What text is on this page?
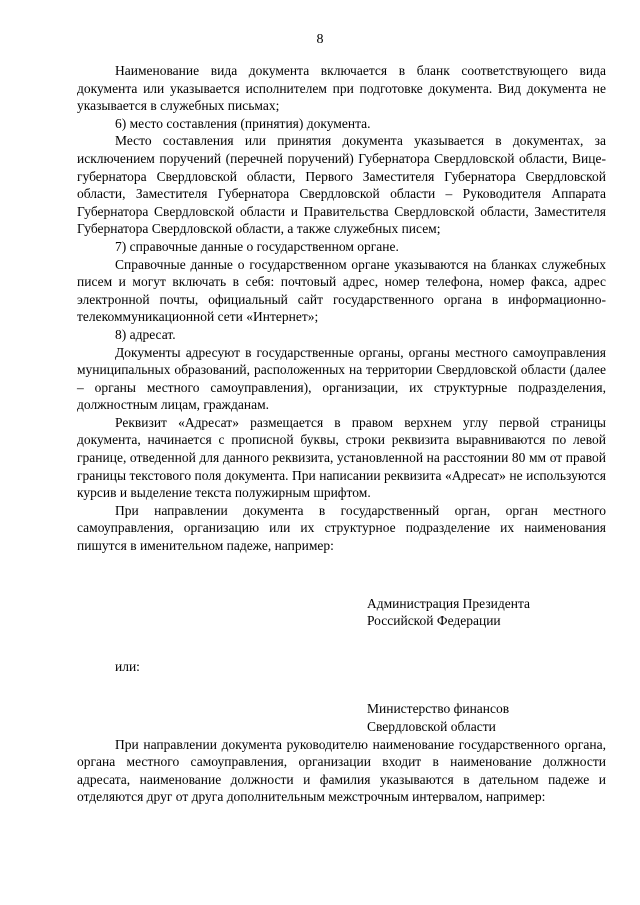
8

Наименование вида документа включается в бланк соответствующего вида документа или указывается исполнителем при подготовке документа. Вид документа не указывается в служебных письмах;

6) место составления (принятия) документа.

Место составления или принятия документа указывается в документах, за исключением поручений (перечней поручений) Губернатора Свердловской области, Вице-губернатора Свердловской области, Первого Заместителя Губернатора Свердловской области, Заместителя Губернатора Свердловской области – Руководителя Аппарата Губернатора Свердловской области и Правительства Свердловской области, Заместителя Губернатора Свердловской области, а также служебных писем;

7) справочные данные о государственном органе.

Справочные данные о государственном органе указываются на бланках служебных писем и могут включать в себя: почтовый адрес, номер телефона, номер факса, адрес электронной почты, официальный сайт государственного органа в информационно-телекоммуникационной сети «Интернет»;

8) адресат.

Документы адресуют в государственные органы, органы местного самоуправления муниципальных образований, расположенных на территории Свердловской области (далее – органы местного самоуправления), организации, их структурные подразделения, должностным лицам, гражданам.

Реквизит «Адресат» размещается в правом верхнем углу первой страницы документа, начинается с прописной буквы, строки реквизита выравниваются по левой границе, отведенной для данного реквизита, установленной на расстоянии 80 мм от правой границы текстового поля документа. При написании реквизита «Адресат» не используются курсив и выделение текста полужирным шрифтом.

При направлении документа в государственный орган, орган местного самоуправления, организацию или их структурное подразделение их наименования пишутся в именительном падеже, например:

Администрация Президента
Российской Федерации
или:
Министерство финансов
Свердловской области

При направлении документа руководителю наименование государственного органа, органа местного самоуправления, организации входит в наименование должности адресата, наименование должности и фамилия указываются в дательном падеже и отделяются друг от друга дополнительным межстрочным интервалом, например:
